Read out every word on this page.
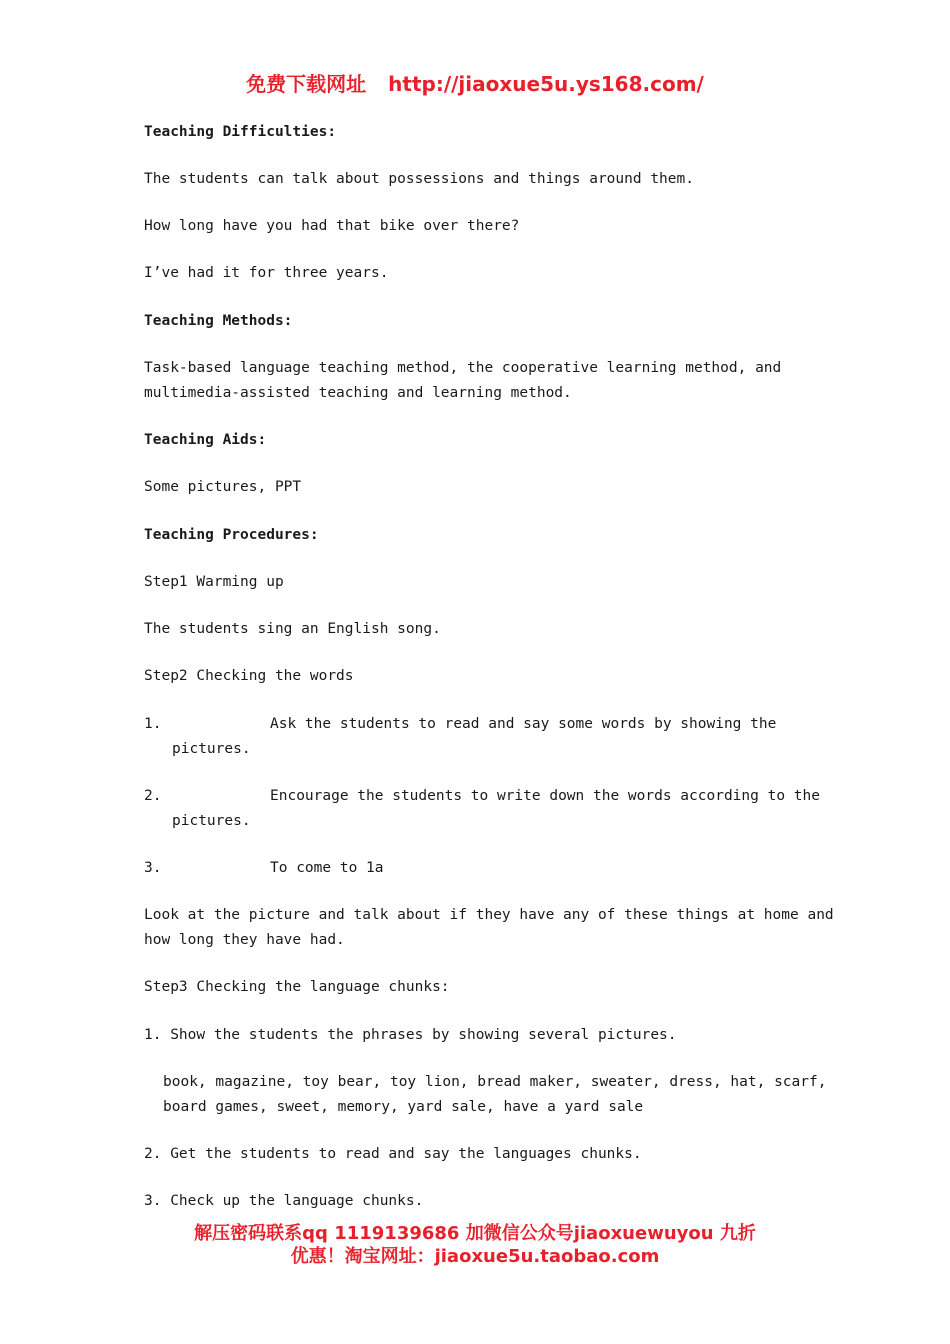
免费下载网址 http://jiaoxue5u.ys168.com/
Teaching Difficulties:
The students can talk about possessions and things around them.
How long have you had that bike over there?
I’ve had it for three years.
Teaching Methods:
Task-based language teaching method, the cooperative learning method, and
multimedia-assisted teaching and learning method.
Teaching Aids:
Some pictures, PPT
Teaching Procedures:
Step1 Warming up
The students sing an English song.
Step2 Checking the words
1.	Ask the students to read and say some words by showing the
pictures.
2.	Encourage the students to write down the words according to the
pictures.
3.	To come to 1a
Look at the picture and talk about if they have any of these things at home and
how long they have had.
Step3 Checking the language chunks:
1. Show the students the phrases by showing several pictures.
book, magazine, toy bear, toy lion, bread maker, sweater, dress, hat, scarf,
board games, sweet, memory, yard sale, have a yard sale
2. Get the students to read and say the languages chunks.
3. Check up the language chunks.
解压密码联系qq 1119139686 加微信公众号jiaoxuewuyou 九折
优惠！淘宝网址：jiaoxue5u.taobao.com
